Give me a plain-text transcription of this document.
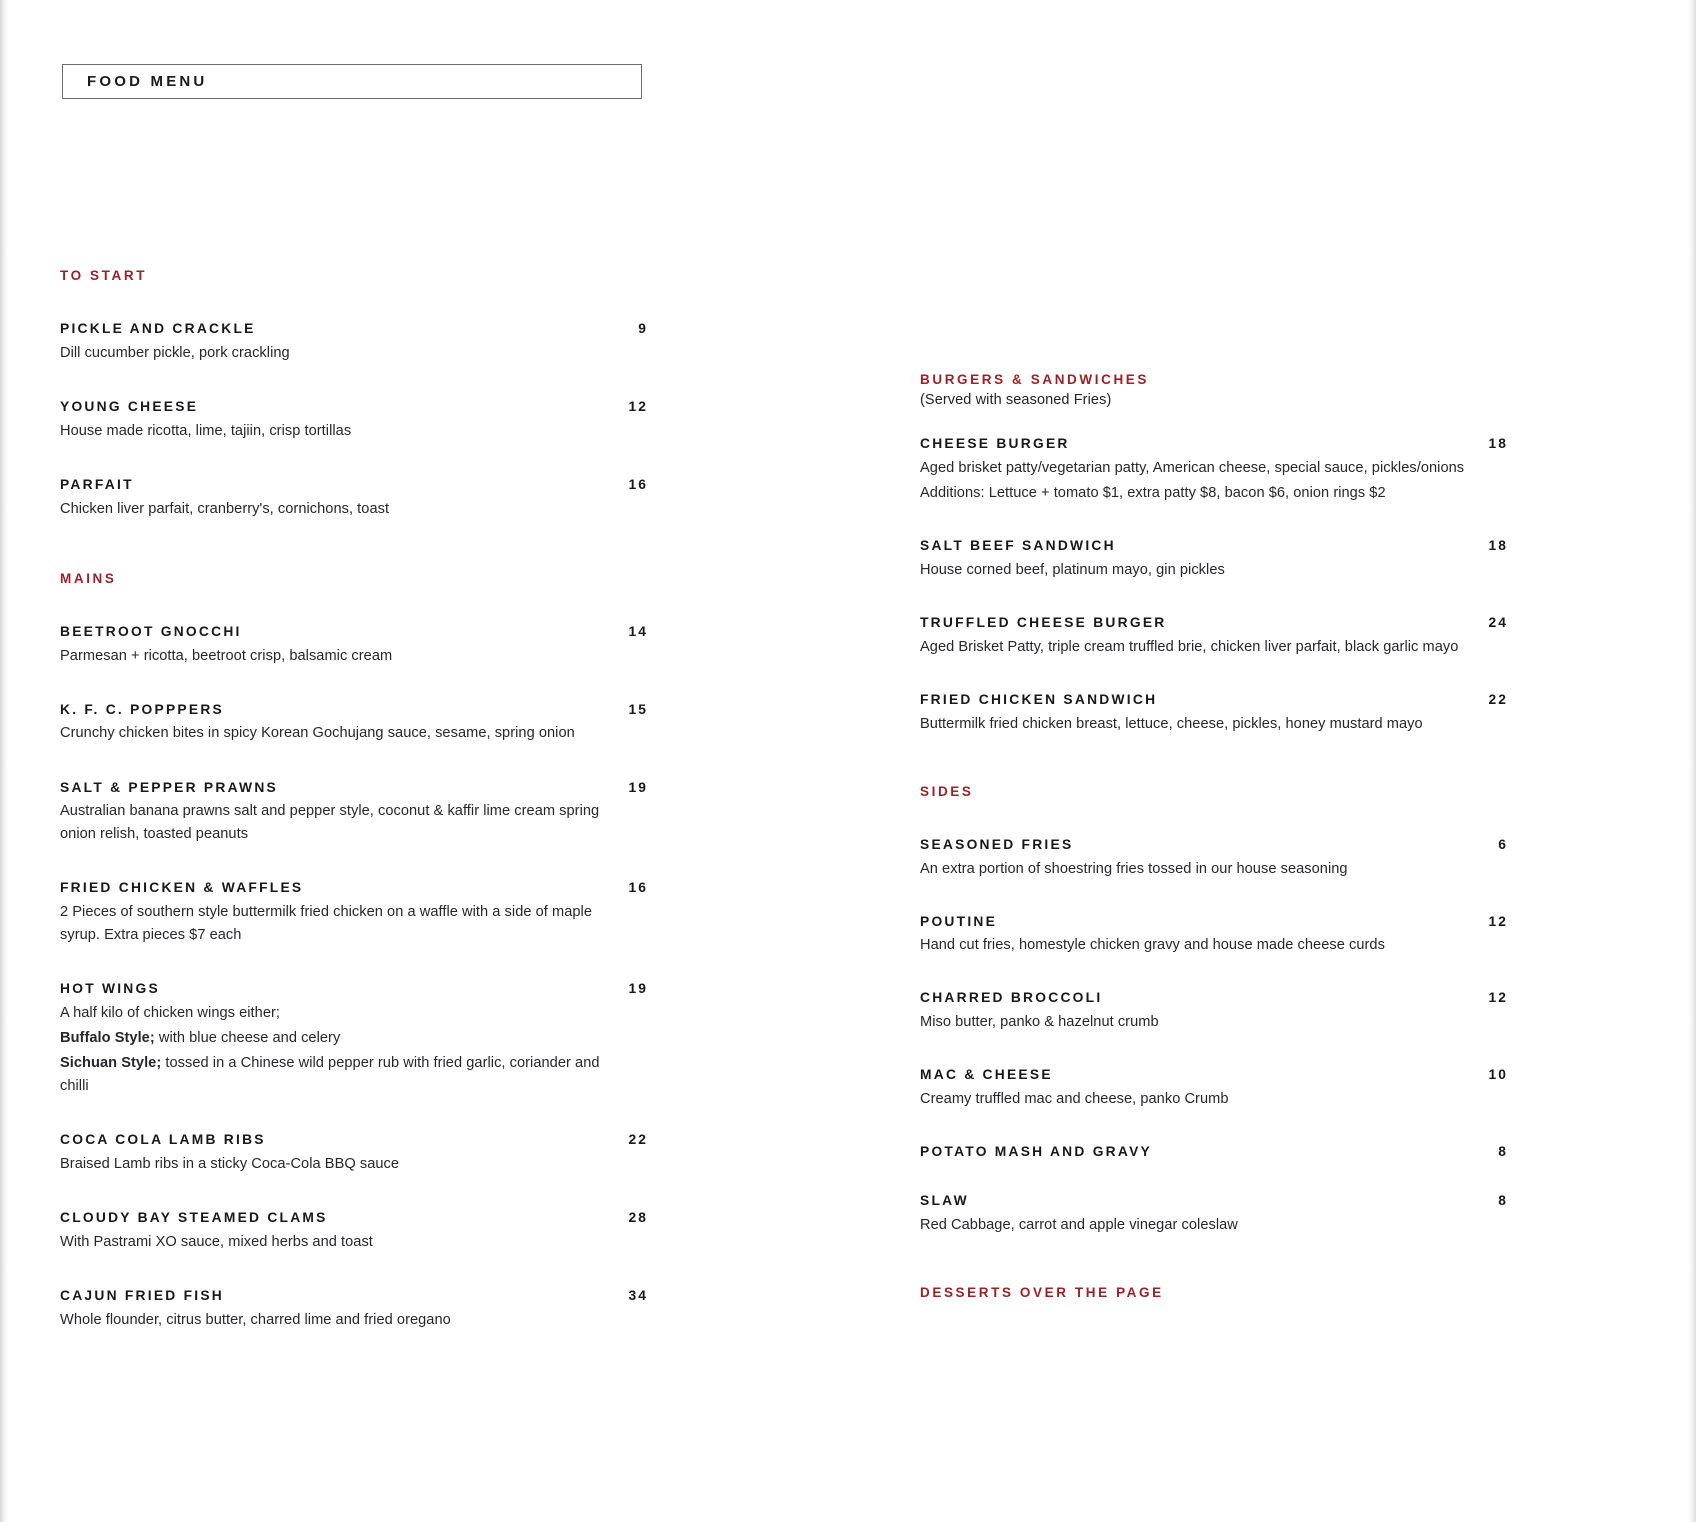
FOOD MENU
TO START
PICKLE AND CRACKLE	9
Dill cucumber pickle, pork crackling
YOUNG CHEESE	12
House made ricotta, lime, tajiin, crisp tortillas
PARFAIT	16
Chicken liver parfait, cranberry's, cornichons, toast
MAINS
BEETROOT GNOCCHI	14
Parmesan + ricotta, beetroot crisp, balsamic cream
K. F. C. POPPPERS	15
Crunchy chicken bites in spicy Korean Gochujang sauce, sesame, spring onion
SALT & PEPPER PRAWNS	19
Australian banana prawns salt and pepper style, coconut & kaffir lime cream spring onion relish, toasted peanuts
FRIED CHICKEN & WAFFLES	16
2 Pieces of southern style buttermilk fried chicken on a waffle with a side of maple syrup. Extra pieces $7 each
HOT WINGS	19
A half kilo of chicken wings either;
Buffalo Style; with blue cheese and celery
Sichuan Style; tossed in a Chinese wild pepper rub with fried garlic, coriander and chilli
COCA COLA LAMB RIBS	22
Braised Lamb ribs in a sticky Coca-Cola BBQ sauce
CLOUDY BAY STEAMED CLAMS	28
With Pastrami XO sauce, mixed herbs and toast
CAJUN FRIED FISH	34
Whole flounder, citrus butter, charred lime and fried oregano
BURGERS & SANDWICHES
(Served with seasoned Fries)
CHEESE BURGER	18
Aged brisket patty/vegetarian patty, American cheese, special sauce, pickles/onions
Additions: Lettuce + tomato $1, extra patty $8, bacon $6, onion rings $2
SALT BEEF SANDWICH	18
House corned beef, platinum mayo, gin pickles
TRUFFLED CHEESE BURGER	24
Aged Brisket Patty, triple cream truffled brie, chicken liver parfait, black garlic mayo
FRIED CHICKEN SANDWICH	22
Buttermilk fried chicken breast, lettuce, cheese, pickles, honey mustard mayo
SIDES
SEASONED FRIES	6
An extra portion of shoestring fries tossed in our house seasoning
POUTINE	12
Hand cut fries, homestyle chicken gravy and house made cheese curds
CHARRED BROCCOLI	12
Miso butter, panko & hazelnut crumb
MAC & CHEESE	10
Creamy truffled mac and cheese, panko Crumb
POTATO MASH AND GRAVY	8
SLAW	8
Red Cabbage, carrot and apple vinegar coleslaw
DESSERTS OVER THE PAGE
